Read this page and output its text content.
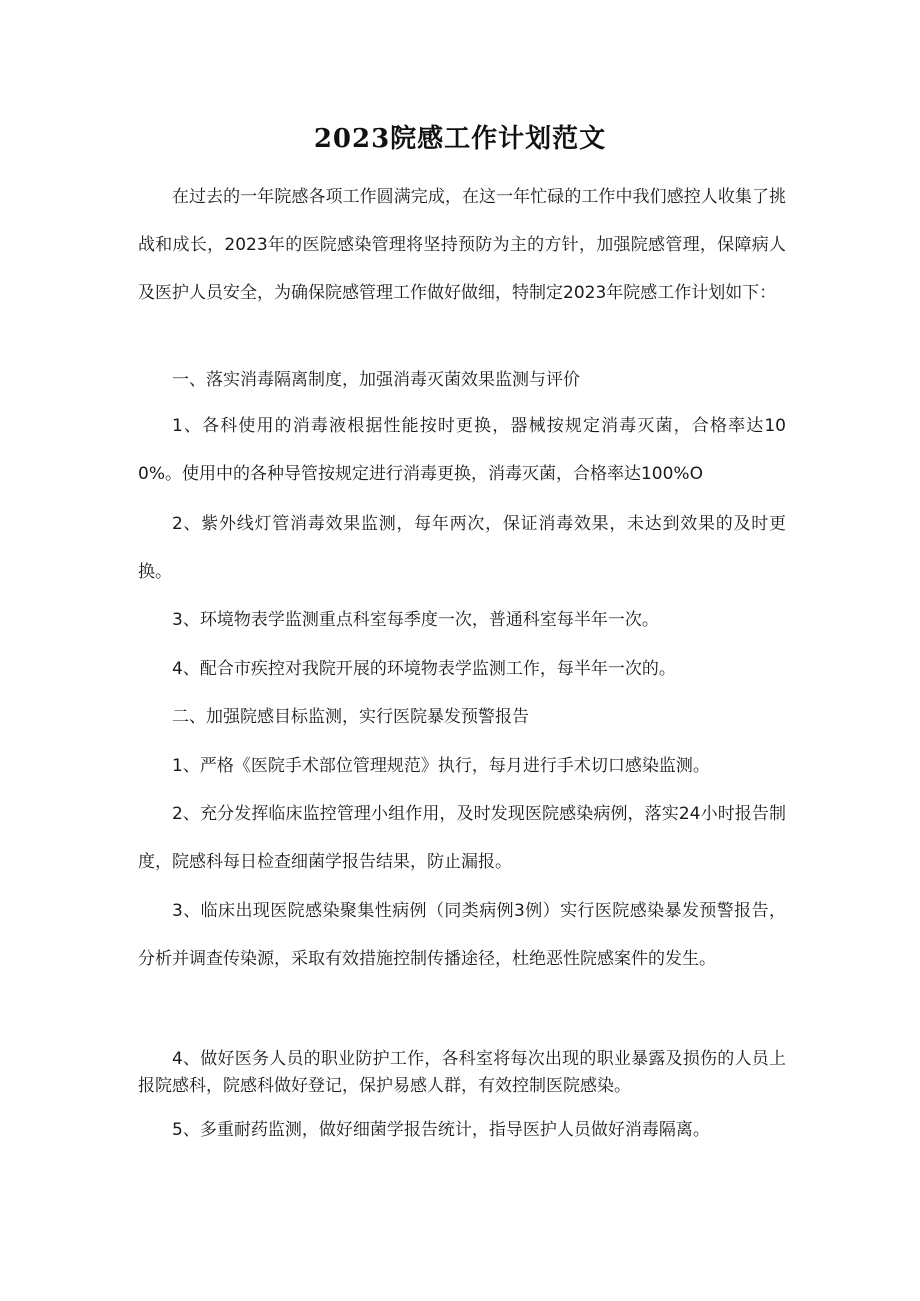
2023院感工作计划范文

在过去的一年院感各项工作圆满完成，在这一年忙碌的工作中我们感控人收集了挑战和成长，2023年的医院感染管理将坚持预防为主的方针，加强院感管理，保障病人及医护人员安全，为确保院感管理工作做好做细，特制定2023年院感工作计划如下：

一、落实消毒隔离制度，加强消毒灭菌效果监测与评价

1、各科使用的消毒液根据性能按时更换，器械按规定消毒灭菌，合格率达100%。使用中的各种导管按规定进行消毒更换，消毒灭菌，合格率达100%O

2、紫外线灯管消毒效果监测，每年两次，保证消毒效果，未达到效果的及时更换。

3、环境物表学监测重点科室每季度一次，普通科室每半年一次。

4、配合市疾控对我院开展的环境物表学监测工作，每半年一次的。

二、加强院感目标监测，实行医院暴发预警报告

1、严格《医院手术部位管理规范》执行，每月进行手术切口感染监测。

2、充分发挥临床监控管理小组作用，及时发现医院感染病例，落实24小时报告制度，院感科每日检查细菌学报告结果，防止漏报。

3、临床出现医院感染聚集性病例（同类病例3例）实行医院感染暴发预警报告，分析并调查传染源，采取有效措施控制传播途径，杜绝恶性院感案件的发生。

4、做好医务人员的职业防护工作，各科室将每次出现的职业暴露及损伤的人员上报院感科，院感科做好登记，保护易感人群，有效控制医院感染。

5、多重耐药监测，做好细菌学报告统计，指导医护人员做好消毒隔离。
